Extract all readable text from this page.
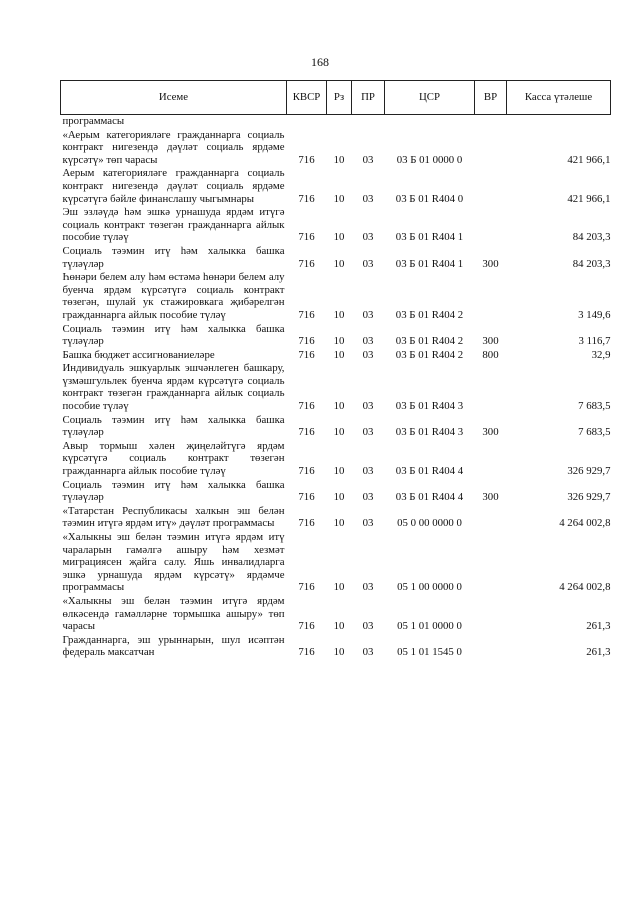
168
Исеме	КВСР	Рз	ПР	ЦСР	ВР	Касса үтәлеше
программасы						
«Аерым категорияләге гражданнарга социаль контракт нигезендә дәүләт социаль ярдәме күрсәтү» төп чарасы	716	10	03	03 Б 01 0000 0		421 966,1
Аерым категорияләге гражданнарга социаль контракт нигезендә дәүләт социаль ярдәме күрсәтүгә бәйле финанслашу чыгымнары	716	10	03	03 Б 01 R404 0		421 966,1
Эш эзләүдә һәм эшкә урнашуда ярдәм итүгә социаль контракт төзегән гражданнарга айлык пособие түләү	716	10	03	03 Б 01 R404 1		84 203,3
Социаль тәэмин итү һәм халыкка башка түләүләр	716	10	03	03 Б 01 R404 1	300	84 203,3
Һөнәри белем алу һәм өстәмә һөнәри белем алу буенча ярдәм күрсәтүгә социаль контракт төзегән, шулай ук стажировкага җибәрелгән гражданнарга айлык пособие түләү	716	10	03	03 Б 01 R404 2		3 149,6
Социаль тәэмин итү һәм халыкка башка түләүләр	716	10	03	03 Б 01 R404 2	300	3 116,7
Башка бюджет ассигнованиеләре	716	10	03	03 Б 01 R404 2	800	32,9
Индивидуаль эшкуарлык эшчәнлеген башкару, үзмәшгульлек буенча ярдәм күрсәтүгә социаль контракт төзегән гражданнарга айлык социаль пособие түләү	716	10	03	03 Б 01 R404 3		7 683,5
Социаль тәэмин итү һәм халыкка башка түләүләр	716	10	03	03 Б 01 R404 3	300	7 683,5
Авыр тормыш хәлен җиңеләйтүгә ярдәм күрсәтүгә социаль контракт төзегән гражданнарга айлык пособие түләү	716	10	03	03 Б 01 R404 4		326 929,7
Социаль тәэмин итү һәм халыкка башка түләүләр	716	10	03	03 Б 01 R404 4	300	326 929,7
«Татарстан Республикасы халкын эш белән тәэмин итүгә ярдәм итү» дәүләт программасы	716	10	03	05 0 00 0000 0		4 264 002,8
«Халыкны эш белән тәэмин итүгә ярдәм итү чараларын гамәлгә ашыру һәм хезмәт миграциясен җайга салу. Яшь инвалидларга эшкә урнашуда ярдәм күрсәтү» ярдәмче программасы	716	10	03	05 1 00 0000 0		4 264 002,8
«Халыкны эш белән тәэмин итүгә ярдәм өлкәсендә гамәлләрне тормышка ашыру» төп чарасы	716	10	03	05 1 01 0000 0		261,3
Гражданнарга, эш урыннарын, шул исәптән федераль максатчан	716	10	03	05 1 01 1545 0		261,3
